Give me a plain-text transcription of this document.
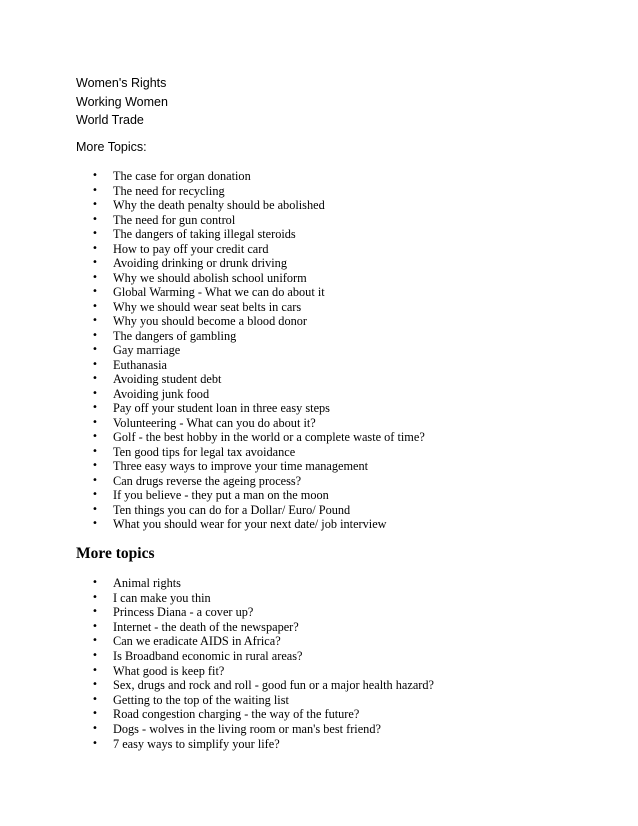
Women's Rights
Working Women
World Trade
More Topics:
• The case for organ donation
• The need for recycling
• Why the death penalty should be abolished
• The need for gun control
• The dangers of taking illegal steroids
• How to pay off your credit card
• Avoiding drinking or drunk driving
• Why we should abolish school uniform
• Global Warming - What we can do about it
• Why we should wear seat belts in cars
• Why you should become a blood donor
• The dangers of gambling
• Gay marriage
• Euthanasia
• Avoiding student debt
• Avoiding junk food
• Pay off your student loan in three easy steps
• Volunteering - What can you do about it?
• Golf - the best hobby in the world or a complete waste of time?
• Ten good tips for legal tax avoidance
• Three easy ways to improve your time management
• Can drugs reverse the ageing process?
• If you believe - they put a man on the moon
• Ten things you can do for a Dollar/ Euro/ Pound
• What you should wear for your next date/ job interview
More topics
• Animal rights
• I can make you thin
• Princess Diana - a cover up?
• Internet - the death of the newspaper?
• Can we eradicate AIDS in Africa?
• Is Broadband economic in rural areas?
• What good is keep fit?
• Sex, drugs and rock and roll - good fun or a major health hazard?
• Getting to the top of the waiting list
• Road congestion charging - the way of the future?
• Dogs - wolves in the living room or man's best friend?
• 7 easy ways to simplify your life?
